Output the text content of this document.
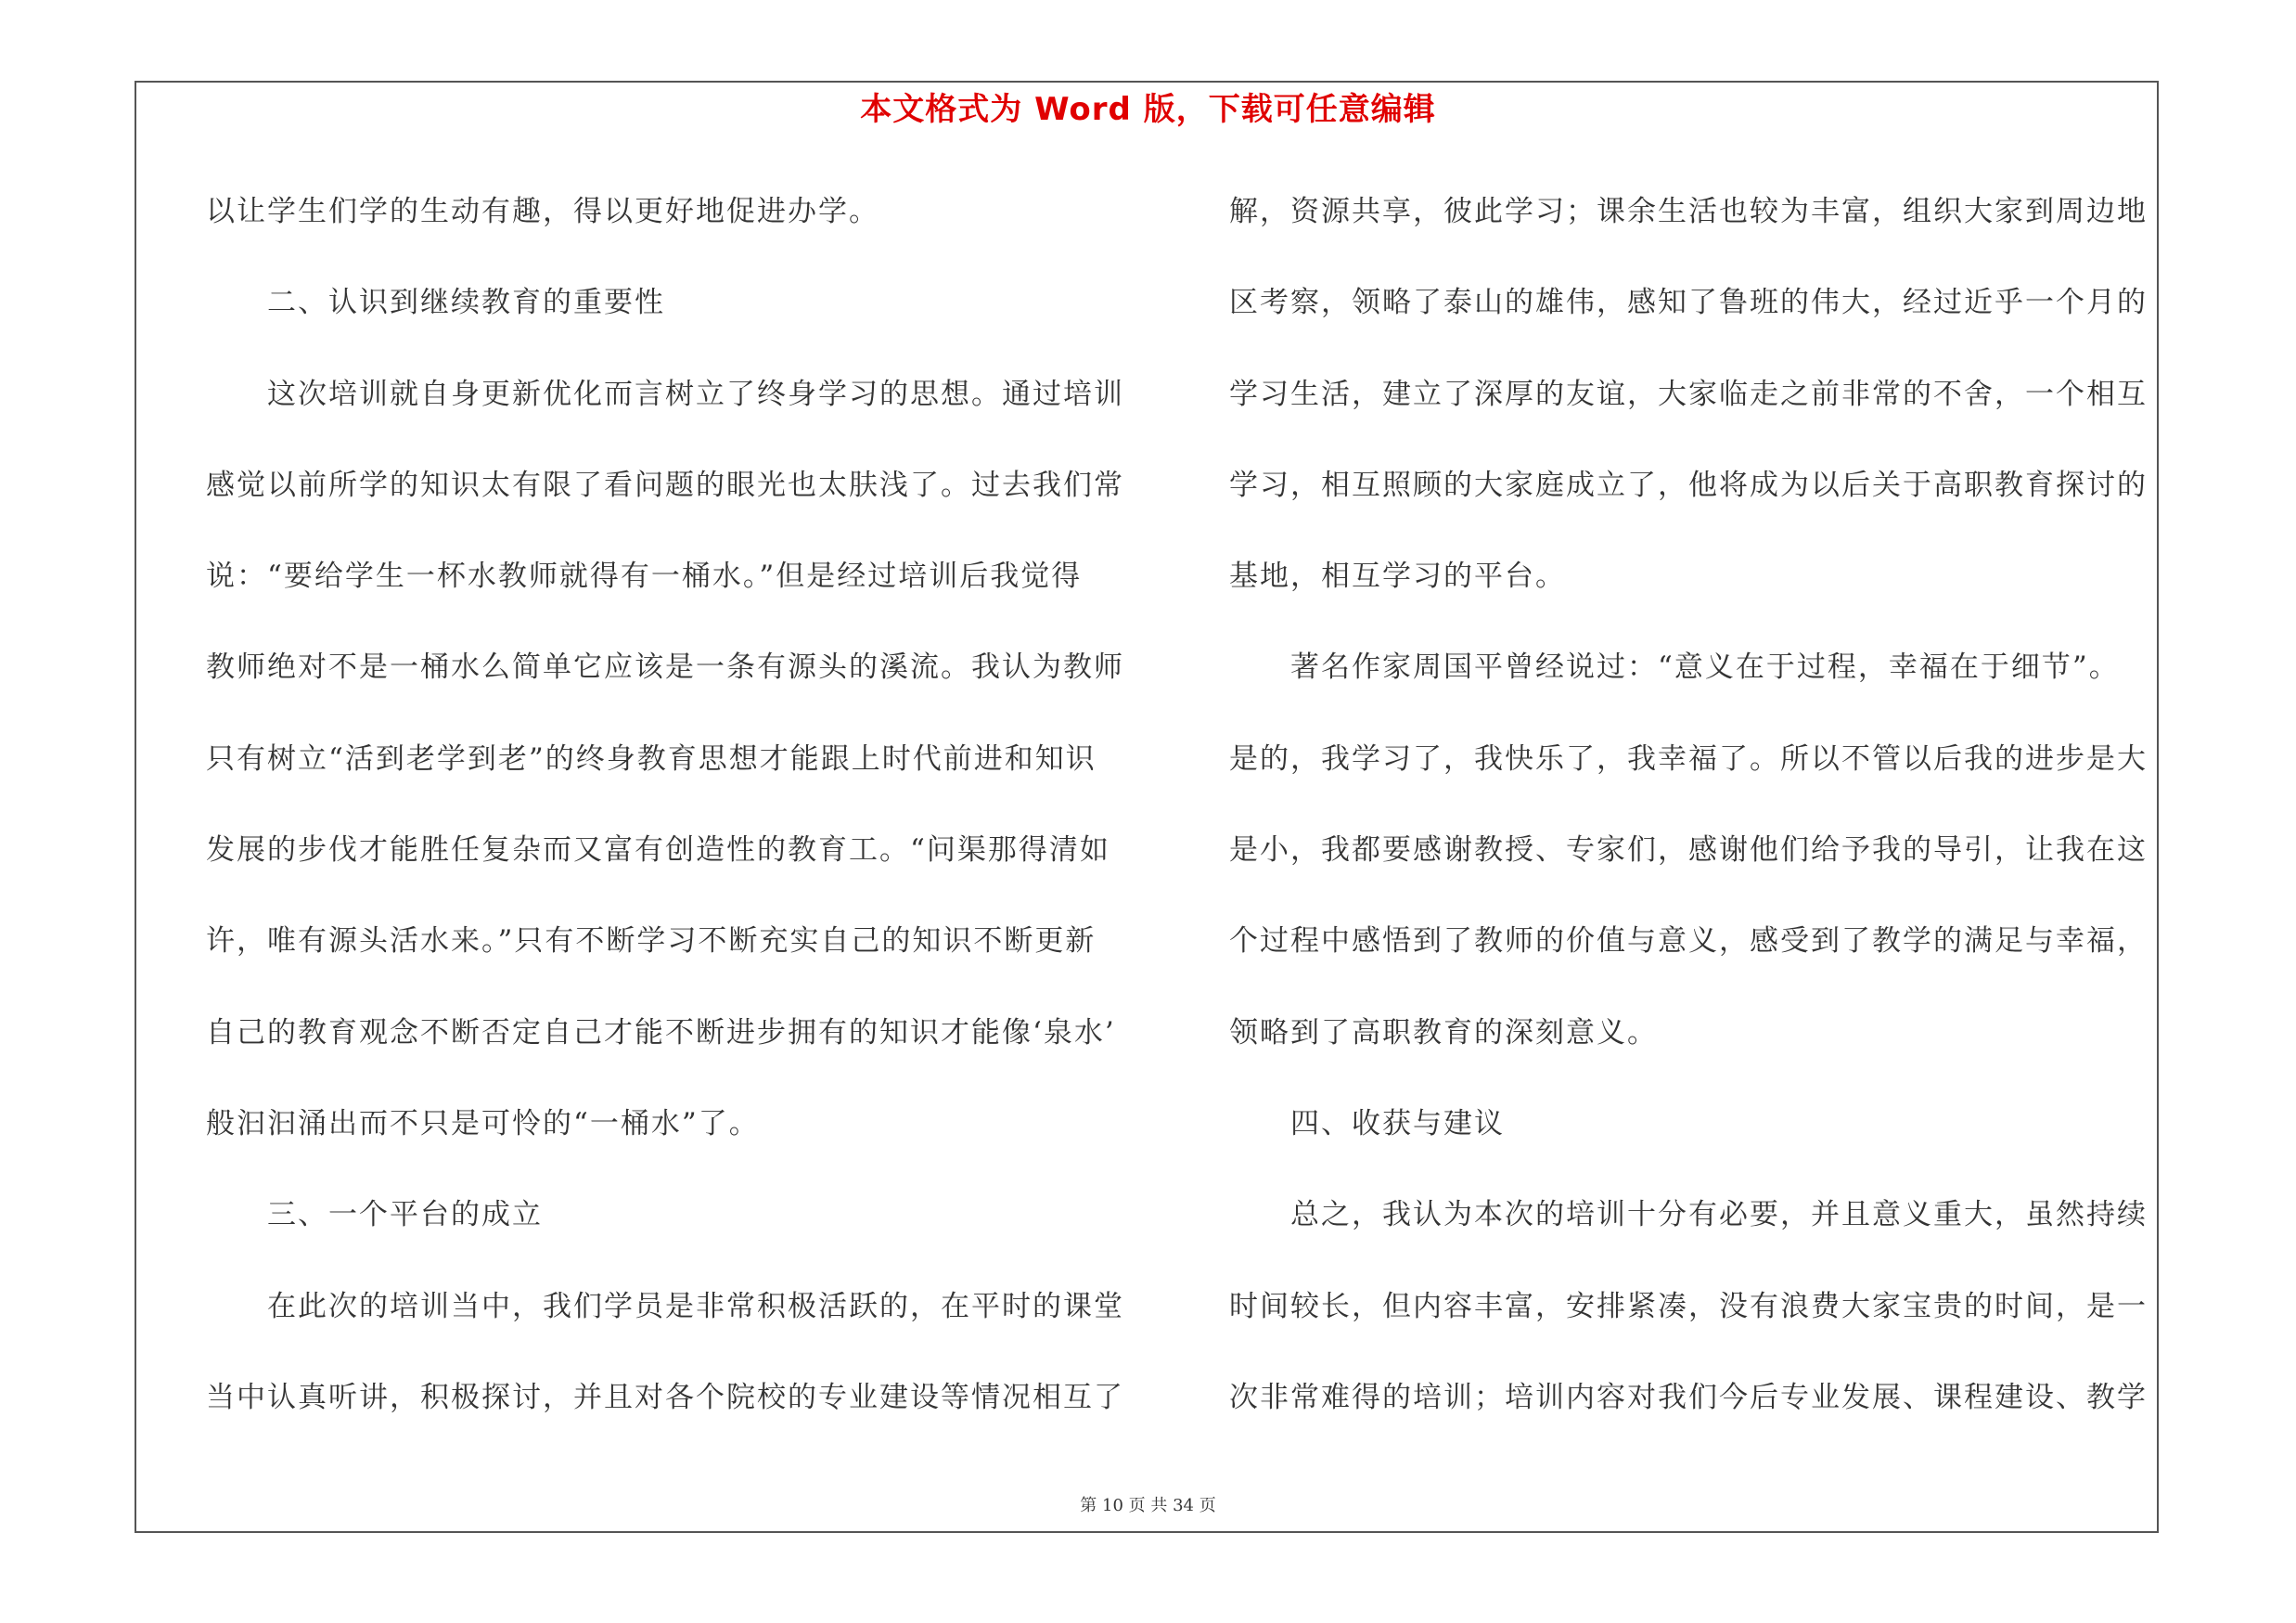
本文格式为 Word 版，下载可任意编辑
以让学生们学的生动有趣，得以更好地促进办学。
二、认识到继续教育的重要性
这次培训就自身更新优化而言树立了终身学习的思想。通过培训
感觉以前所学的知识太有限了看问题的眼光也太肤浅了。过去我们常
说：“要给学生一杯水教师就得有一桶水。”但是经过培训后我觉得
教师绝对不是一桶水么简单它应该是一条有源头的溪流。我认为教师
只有树立“活到老学到老”的终身教育思想才能跟上时代前进和知识
发展的步伐才能胜任复杂而又富有创造性的教育工。“问渠那得清如
许，唯有源头活水来。”只有不断学习不断充实自己的知识不断更新
自己的教育观念不断否定自己才能不断进步拥有的知识才能像‘泉水’
般汩汩涌出而不只是可怜的“一桶水”了。
三、一个平台的成立
在此次的培训当中，我们学员是非常积极活跃的，在平时的课堂
当中认真听讲，积极探讨，并且对各个院校的专业建设等情况相互了
解，资源共享，彼此学习；课余生活也较为丰富，组织大家到周边地
区考察，领略了泰山的雄伟，感知了鲁班的伟大，经过近乎一个月的
学习生活，建立了深厚的友谊，大家临走之前非常的不舍，一个相互
学习，相互照顾的大家庭成立了，他将成为以后关于高职教育探讨的
基地，相互学习的平台。
著名作家周国平曾经说过：“意义在于过程，幸福在于细节”。
是的，我学习了，我快乐了，我幸福了。所以不管以后我的进步是大
是小，我都要感谢教授、专家们，感谢他们给予我的导引，让我在这
个过程中感悟到了教师的价值与意义，感受到了教学的满足与幸福，
领略到了高职教育的深刻意义。
四、收获与建议
总之，我认为本次的培训十分有必要，并且意义重大，虽然持续
时间较长，但内容丰富，安排紧凑，没有浪费大家宝贵的时间，是一
次非常难得的培训；培训内容对我们今后专业发展、课程建设、教学
第 10 页 共 34 页
